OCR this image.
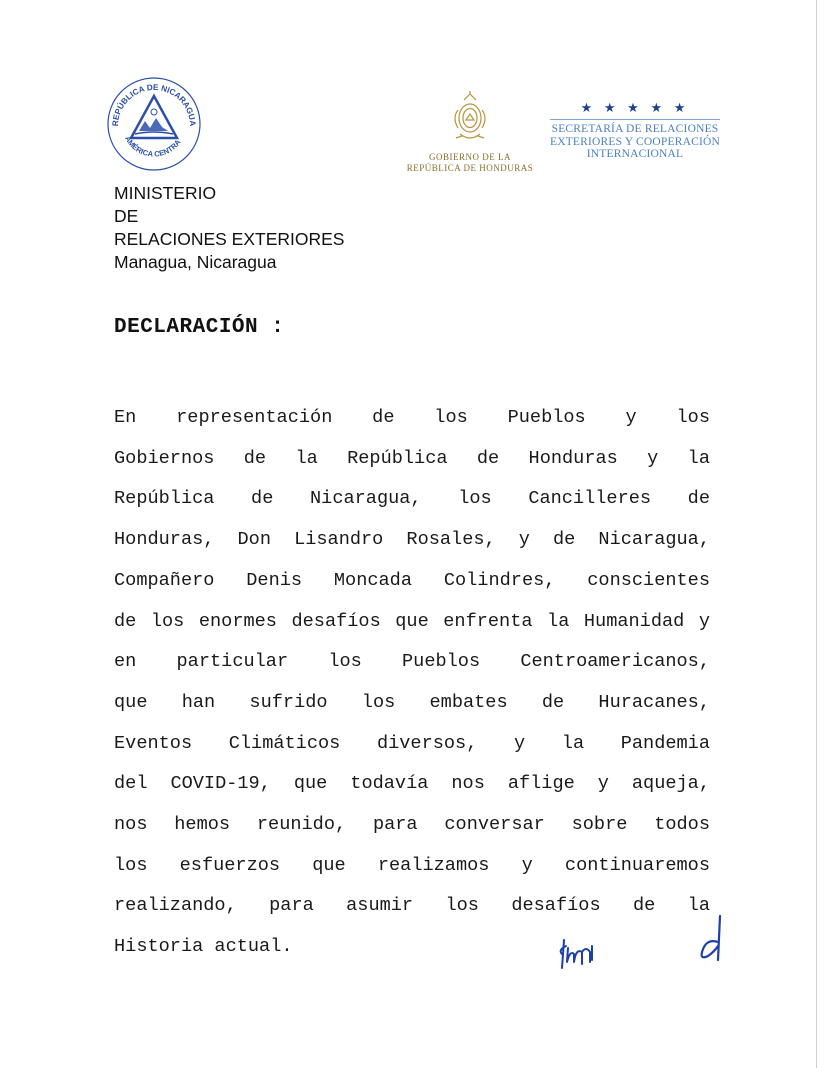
REPÚBLICA DE NICARAGUA
AMÉRICA CENTRA
MINISTERIO
DE
RELACIONES EXTERIORES
Managua, Nicaragua
GOBIERNO DE LA
REPÚBLICA DE HONDURAS
★ ★ ★ ★ ★
SECRETARÍA DE RELACIONES
EXTERIORES Y COOPERACIÓN
INTERNACIONAL
DECLARACIÓN :
En representación de los Pueblos y los
Gobiernos de la República de Honduras y la
República de Nicaragua, los Cancilleres de
Honduras, Don Lisandro Rosales, y de Nicaragua,
Compañero Denis Moncada Colindres, conscientes
de los enormes desafíos que enfrenta la Humanidad y
en particular los Pueblos Centroamericanos,
que han sufrido los embates de Huracanes,
Eventos Climáticos diversos, y la Pandemia
del COVID-19, que todavía nos aflige y aqueja,
nos hemos reunido, para conversar sobre todos
los esfuerzos que realizamos y continuaremos
realizando, para asumir los desafíos de la
Historia actual.
